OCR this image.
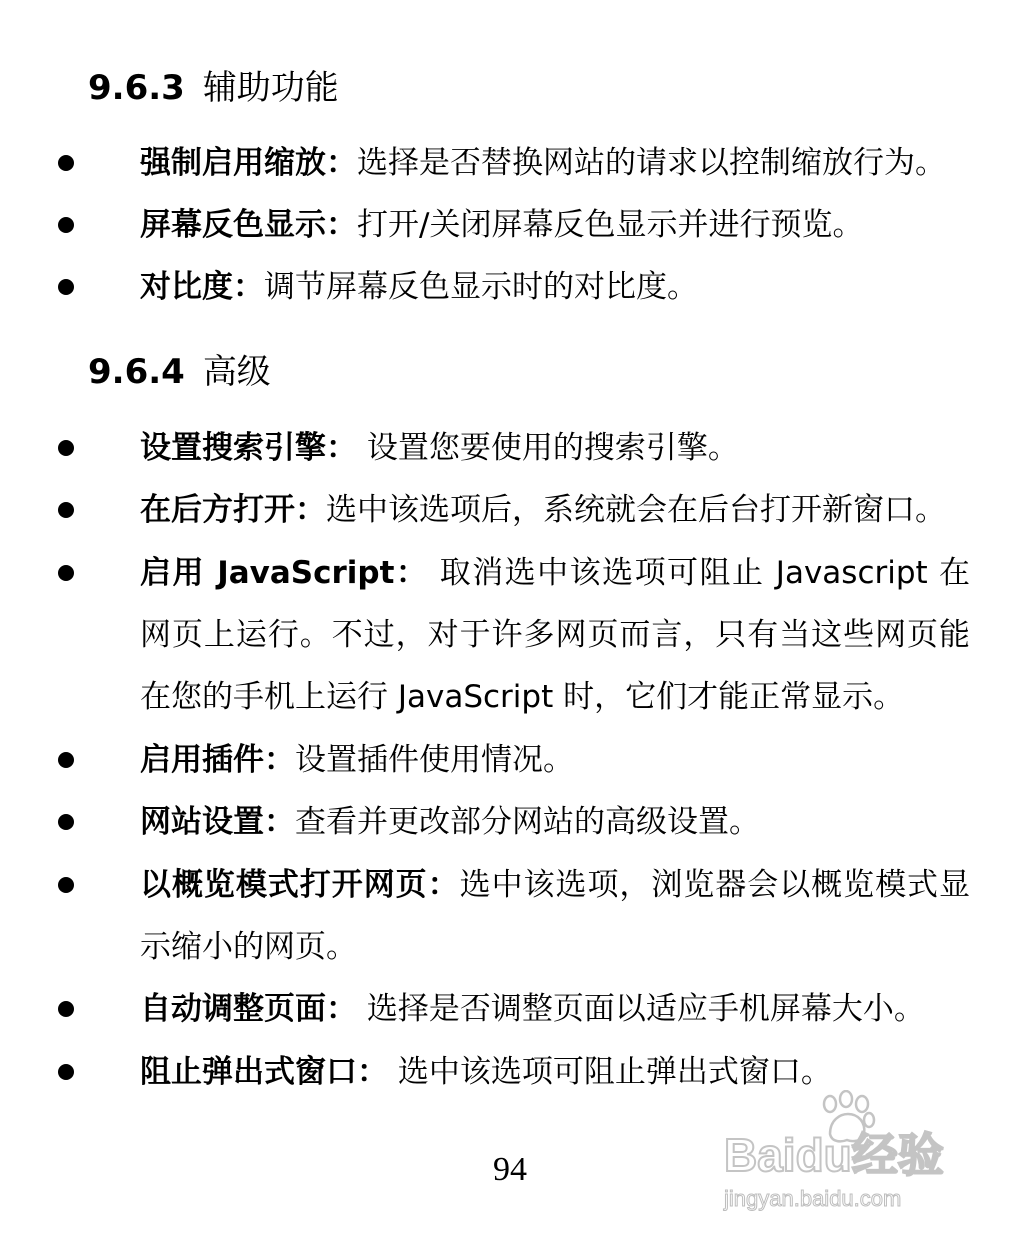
9.6.3 辅助功能
强制启用缩放：选择是否替换网站的请求以控制缩放行为。
屏幕反色显示：打开/关闭屏幕反色显示并进行预览。
对比度：调节屏幕反色显示时的对比度。
9.6.4 高级
设置搜索引擎： 设置您要使用的搜索引擎。
在后方打开：选中该选项后，系统就会在后台打开新窗口。
启用 JavaScript： 取消选中该选项可阻止 Javascript 在网页上运行。不过，对于许多网页而言，只有当这些网页能在您的手机上运行 JavaScript 时，它们才能正常显示。
启用插件：设置插件使用情况。
网站设置：查看并更改部分网站的高级设置。
以概览模式打开网页：选中该选项，浏览器会以概览模式显示缩小的网页。
自动调整页面： 选择是否调整页面以适应手机屏幕大小。
阻止弹出式窗口： 选中该选项可阻止弹出式窗口。
94	Baidu经验
jingyan.baidu.com
